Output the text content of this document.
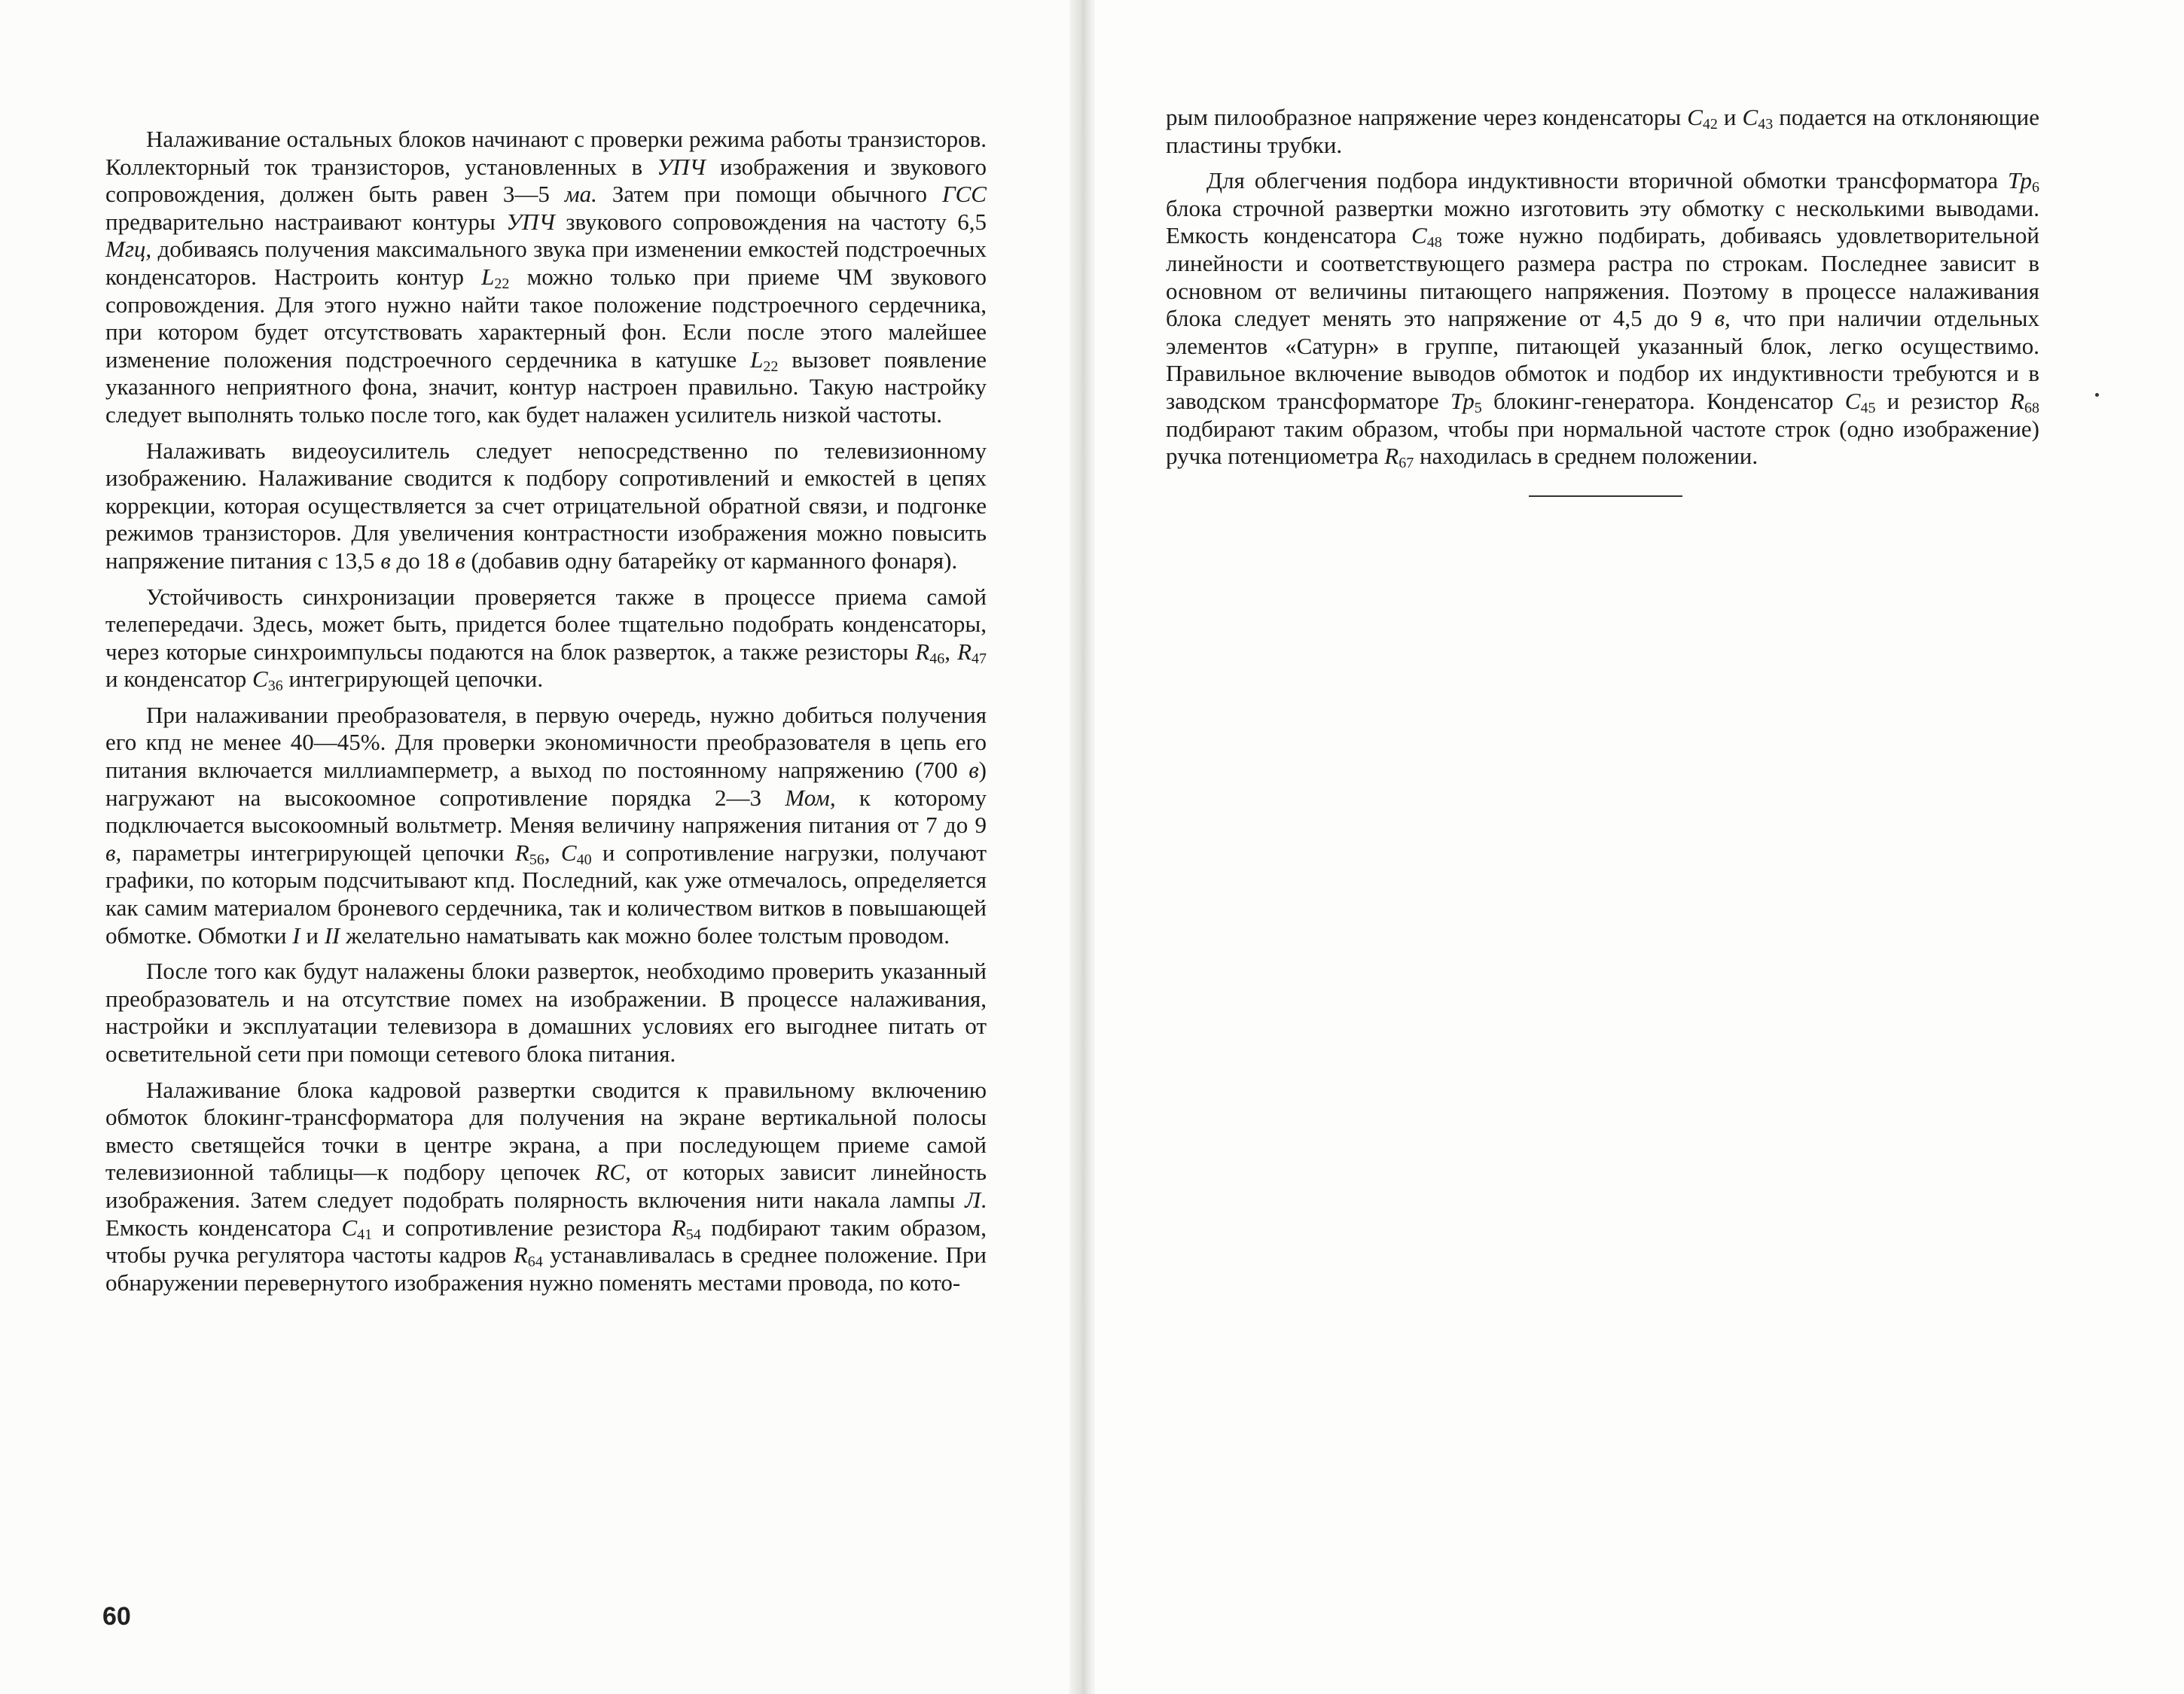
Налаживание остальных блоков начинают с проверки режима работы транзисторов. Коллекторный ток транзисторов, установленных в УПЧ изображения и звукового сопровождения, должен быть равен 3—5 ма. Затем при помощи обычного ГСС предварительно настраивают контуры УПЧ звукового сопровождения на частоту 6,5 Мгц, добиваясь получения максимального звука при изменении емкостей подстроечных конденсаторов. Настроить контур $L_{22}$ можно только при приеме ЧМ звукового сопровождения. Для этого нужно найти такое положение подстроечного сердечника, при котором будет отсутствовать характерный фон. Если после этого малейшее изменение положения подстроечного сердечника в катушке $L_{22}$ вызовет появление указанного неприятного фона, значит, контур настроен правильно. Такую настройку следует выполнять только после того, как будет налажен усилитель низкой частоты.

Налаживать видеоусилитель следует непосредственно по телевизионному изображению. Налаживание сводится к подбору сопротивлений и емкостей в цепях коррекции, которая осуществляется за счет отрицательной обратной связи, и подгонке режимов транзисторов. Для увеличения контрастности изображения можно повысить напряжение питания с 13,5 в до 18 в (добавив одну батарейку от карманного фонаря).

Устойчивость синхронизации проверяется также в процессе приема самой телепередачи. Здесь, может быть, придется более тщательно подобрать конденсаторы, через которые синхроимпульсы подаются на блок разверток, а также резисторы $R_{46}$, $R_{47}$ и конденсатор $C_{36}$ интегрирующей цепочки.

При налаживании преобразователя, в первую очередь, нужно добиться получения его кпд не менее 40—45%. Для проверки экономичности преобразователя в цепь его питания включается миллиамперметр, а выход по постоянному напряжению (700 в) нагружают на высокоомное сопротивление порядка 2—3 Мом, к которому подключается высокоомный вольтметр. Меняя величину напряжения питания от 7 до 9 в, параметры интегрирующей цепочки $R_{56}$, $C_{40}$ и сопротивление нагрузки, получают графики, по которым подсчитывают кпд. Последний, как уже отмечалось, определяется как самим материалом броневого сердечника, так и количеством витков в повышающей обмотке. Обмотки I и II желательно наматывать как можно более толстым проводом.

После того как будут налажены блоки разверток, необходимо проверить указанный преобразователь и на отсутствие помех на изображении. В процессе налаживания, настройки и эксплуатации телевизора в домашних условиях его выгоднее питать от осветительной сети при помощи сетевого блока питания.

Налаживание блока кадровой развертки сводится к правильному включению обмоток блокинг-трансформатора для получения на экране вертикальной полосы вместо светящейся точки в центре экрана, а при последующем приеме самой телевизионной таблицы—к подбору цепочек RC, от которых зависит линейность изображения. Затем следует подобрать полярность включения нити накала лампы Л. Емкость конденсатора $C_{41}$ и сопротивление резистора $R_{54}$ подбирают таким образом, чтобы ручка регулятора частоты кадров $R_{64}$ устанавливалась в среднее положение. При обнаружении перевернутого изображения нужно поменять местами провода, по кото-

60

рым пилообразное напряжение через конденсаторы $C_{42}$ и $C_{43}$ подается на отклоняющие пластины трубки.

Для облегчения подбора индуктивности вторичной обмотки трансформатора $Тр_6$ блока строчной развертки можно изготовить эту обмотку с несколькими выводами. Емкость конденсатора $C_{48}$ тоже нужно подбирать, добиваясь удовлетворительной линейности и соответствующего размера растра по строкам. Последнее зависит в основном от величины питающего напряжения. Поэтому в процессе налаживания блока следует менять это напряжение от 4,5 до 9 в, что при наличии отдельных элементов «Сатурн» в группе, питающей указанный блок, легко осуществимо. Правильное включение выводов обмоток и подбор их индуктивности требуются и в заводском трансформаторе $Тр_5$ блокинг-генератора. Конденсатор $C_{45}$ и резистор $R_{68}$ подбирают таким образом, чтобы при нормальной частоте строк (одно изображение) ручка потенциометра $R_{67}$ находилась в среднем положении.
